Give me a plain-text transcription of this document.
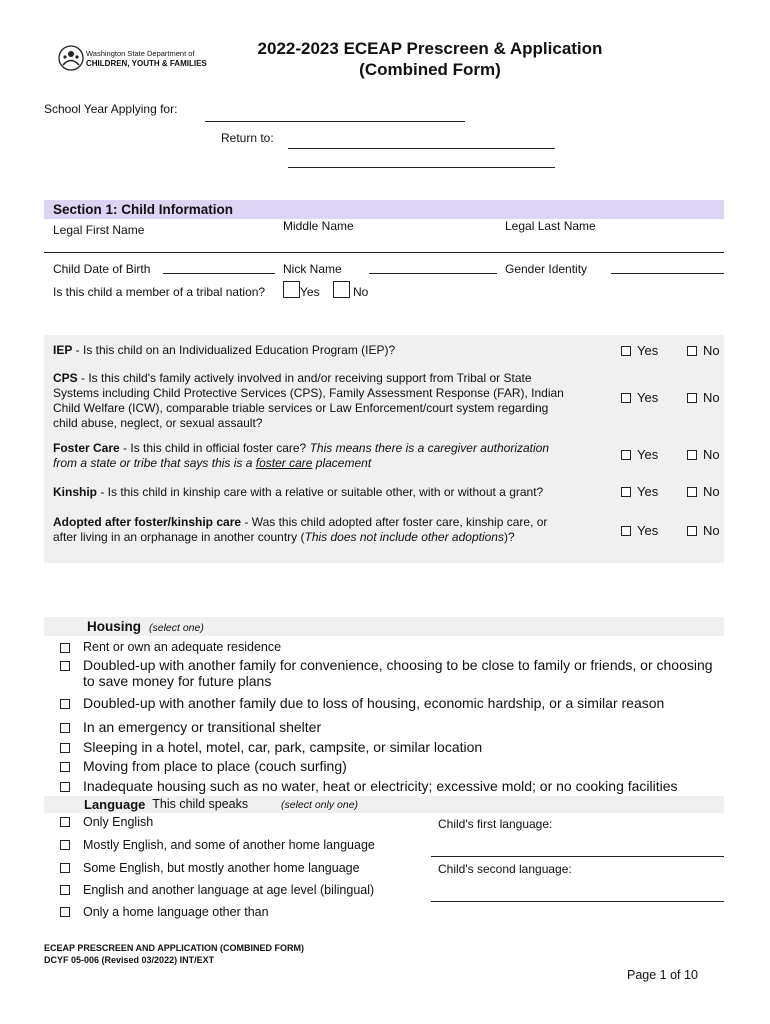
Washington State Department of
CHILDREN, YOUTH & FAMILIES
2022-2023 ECEAP Prescreen & Application
(Combined Form)
School Year Applying for:
Return to:
Section 1: Child Information
Legal First Name	Middle Name	Legal Last Name
Child Date of Birth	Nick Name	Gender Identity
Is this child a member of a tribal nation?	Yes	No
IEP - Is this child on an Individualized Education Program (IEP)?	Yes	No
CPS - Is this child's family actively involved in and/or receiving support from Tribal or State
Systems including Child Protective Services (CPS), Family Assessment Response (FAR), Indian
Child Welfare (ICW), comparable triable services or Law Enforcement/court system regarding
child abuse, neglect, or sexual assault?
Yes	No
Foster Care - Is this child in official foster care? This means there is a caregiver authorization
from a state or tribe that says this is a foster care placement
Yes	No
Kinship - Is this child in kinship care with a relative or suitable other, with or without a grant?	Yes	No
Adopted after foster/kinship care - Was this child adopted after foster care, kinship care, or
after living in an orphanage in another country (This does not include other adoptions)?	Yes	No
Housing (select one)
Rent or own an adequate residence
Doubled-up with another family for convenience, choosing to be close to family or friends, or choosing
to save money for future plans
Doubled-up with another family due to loss of housing, economic hardship, or a similar reason
In an emergency or transitional shelter
Sleeping in a hotel, motel, car, park, campsite, or similar location
Moving from place to place (couch surfing)
Inadequate housing such as no water, heat or electricity; excessive mold; or no cooking facilities
Language This child speaks	(select only one)
Only English
Mostly English, and some of another home language
Some English, but mostly another home language
English and another language at age level (bilingual)
Only a home language other than
Child's first language:
Child's second language:
ECEAP PRESCREEN AND APPLICATION (COMBINED FORM)
DCYF 05-006 (Revised 03/2022) INT/EXT
Page 1 of 10
